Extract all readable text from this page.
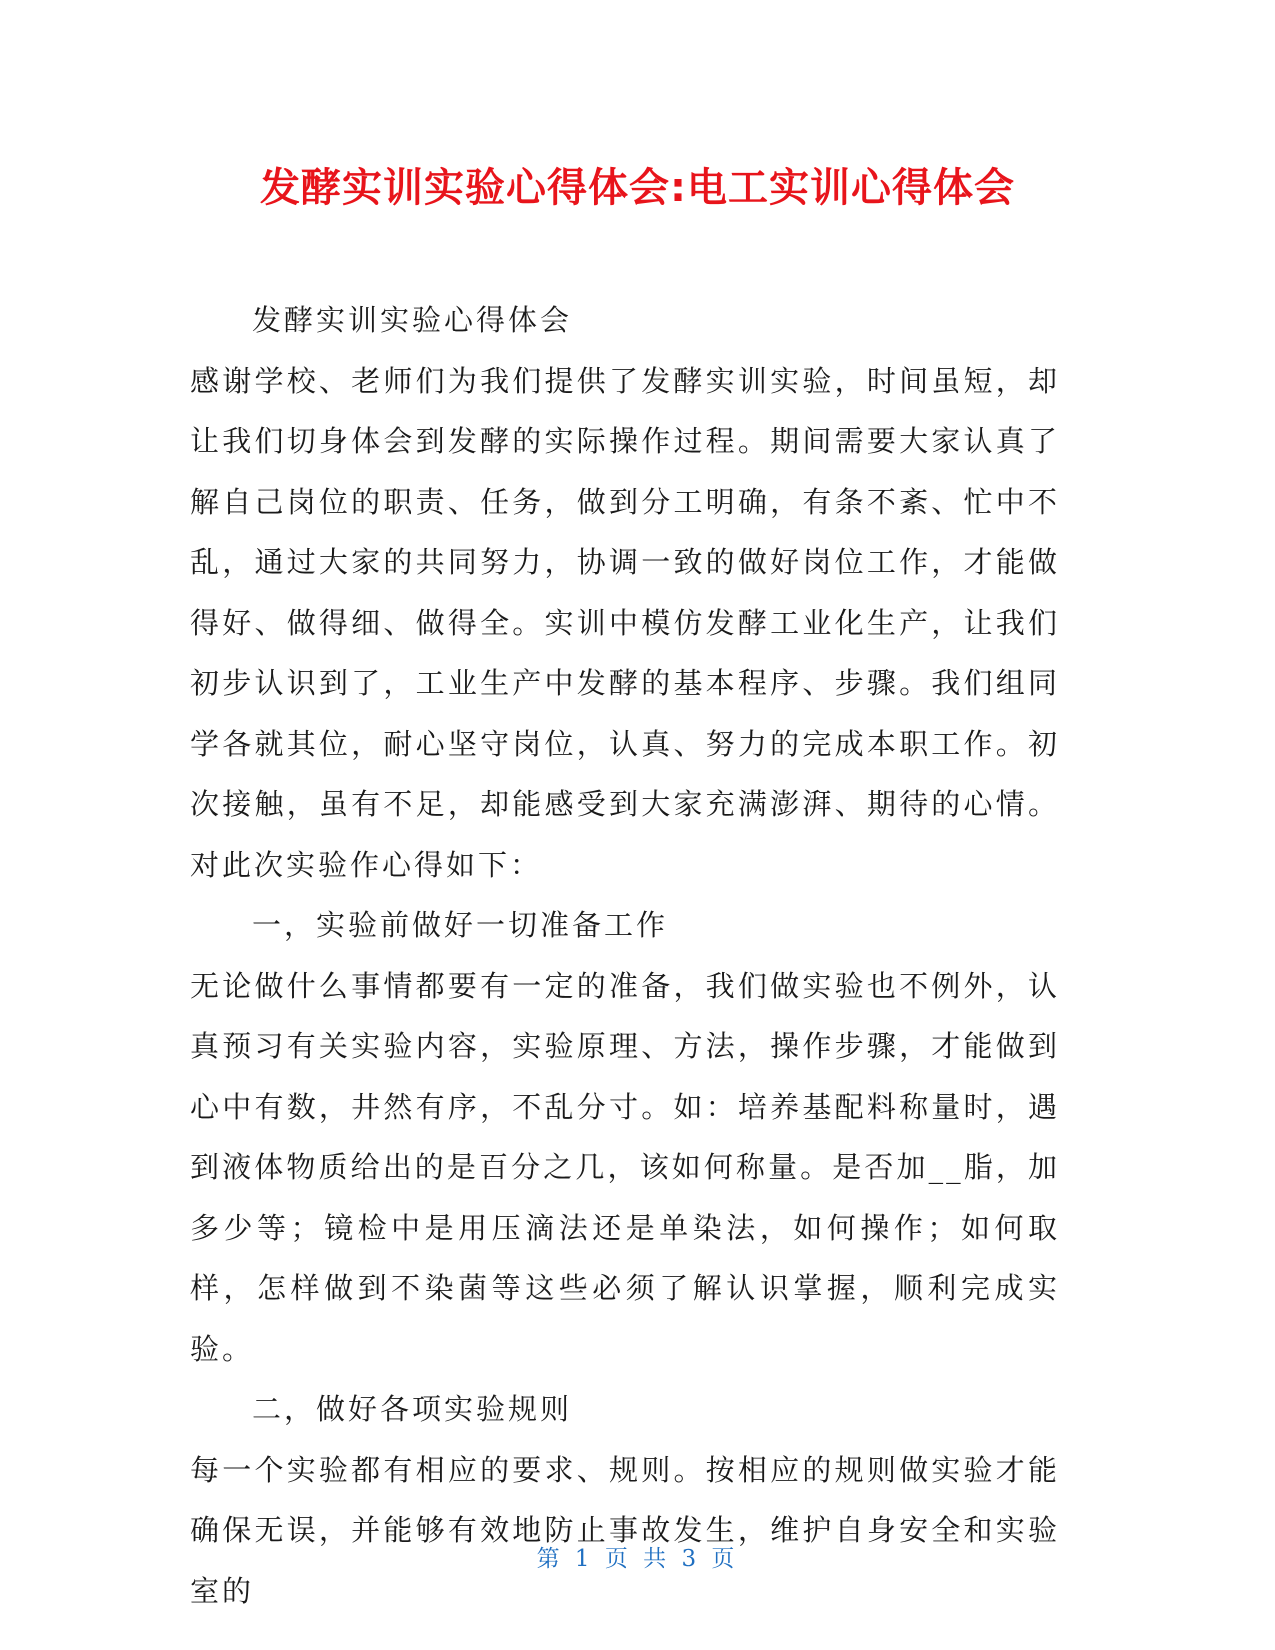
发酵实训实验心得体会:电工实训心得体会

发酵实训实验心得体会

感谢学校、老师们为我们提供了发酵实训实验，时间虽短，却让我们切身体会到发酵的实际操作过程。期间需要大家认真了解自己岗位的职责、任务，做到分工明确，有条不紊、忙中不乱，通过大家的共同努力，协调一致的做好岗位工作，才能做得好、做得细、做得全。实训中模仿发酵工业化生产，让我们初步认识到了，工业生产中发酵的基本程序、步骤。我们组同学各就其位，耐心坚守岗位，认真、努力的完成本职工作。初次接触，虽有不足，却能感受到大家充满澎湃、期待的心情。对此次实验作心得如下：

一，实验前做好一切准备工作

无论做什么事情都要有一定的准备，我们做实验也不例外，认真预习有关实验内容，实验原理、方法，操作步骤，才能做到心中有数，井然有序，不乱分寸。如：培养基配料称量时，遇到液体物质给出的是百分之几，该如何称量。是否加__脂，加多少等；镜检中是用压滴法还是单染法，如何操作；如何取样，怎样做到不染菌等这些必须了解认识掌握，顺利完成实验。

二，做好各项实验规则

每一个实验都有相应的要求、规则。按相应的规则做实验才能确保无误，并能够有效地防止事故发生，维护自身安全和实验室的

第 1 页 共 3 页
